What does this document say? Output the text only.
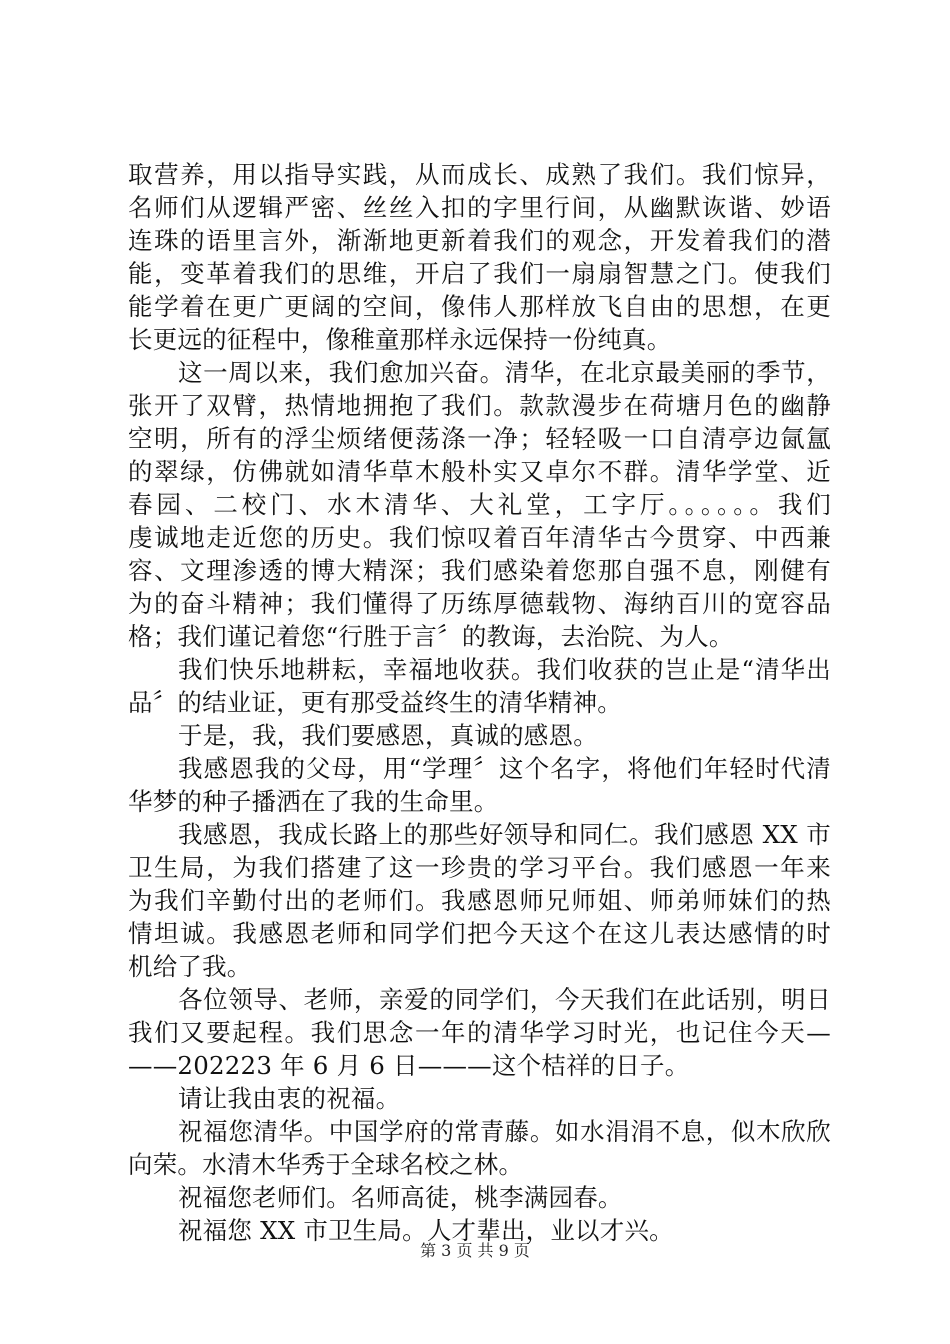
取营养，用以指导实践，从而成长、成熟了我们。我们惊异，
名师们从逻辑严密、丝丝入扣的字里行间，从幽默诙谐、妙语
连珠的语里言外，渐渐地更新着我们的观念，开发着我们的潜
能，变革着我们的思维，开启了我们一扇扇智慧之门。使我们
能学着在更广更阔的空间，像伟人那样放飞自由的思想，在更
长更远的征程中，像稚童那样永远保持一份纯真。
这一周以来，我们愈加兴奋。清华，在北京最美丽的季节，
张开了双臂，热情地拥抱了我们。款款漫步在荷塘月色的幽静
空明，所有的浮尘烦绪便荡涤一净；轻轻吸一口自清亭边氤氲
的翠绿，仿佛就如清华草木般朴实又卓尔不群。清华学堂、近
春园、二校门、水木清华、大礼堂，工字厅。。。。。。我们
虔诚地走近您的历史。我们惊叹着百年清华古今贯穿、中西兼
容、文理渗透的博大精深；我们感染着您那自强不息，刚健有
为的奋斗精神；我们懂得了历练厚德载物、海纳百川的宽容品
格；我们谨记着您“行胜于言〞的教诲，去治院、为人。
我们快乐地耕耘，幸福地收获。我们收获的岂止是“清华出
品〞的结业证，更有那受益终生的清华精神。
于是，我，我们要感恩，真诚的感恩。
我感恩我的父母，用“学理〞这个名字，将他们年轻时代清
华梦的种子播洒在了我的生命里。
我感恩，我成长路上的那些好领导和同仁。我们感恩 XX 市
卫生局，为我们搭建了这一珍贵的学习平台。我们感恩一年来
为我们辛勤付出的老师们。我感恩师兄师姐、师弟师妹们的热
情坦诚。我感恩老师和同学们把今天这个在这儿表达感情的时
机给了我。
各位领导、老师，亲爱的同学们，今天我们在此话别，明日
我们又要起程。我们思念一年的清华学习时光，也记住今天—
——202223 年 6 月 6 日———这个桔祥的日子。
请让我由衷的祝福。
祝福您清华。中国学府的常青藤。如水涓涓不息，似木欣欣
向荣。水清木华秀于全球名校之林。
祝福您老师们。名师高徒，桃李满园春。
祝福您 XX 市卫生局。人才辈出，业以才兴。
第 3 页 共 9 页
